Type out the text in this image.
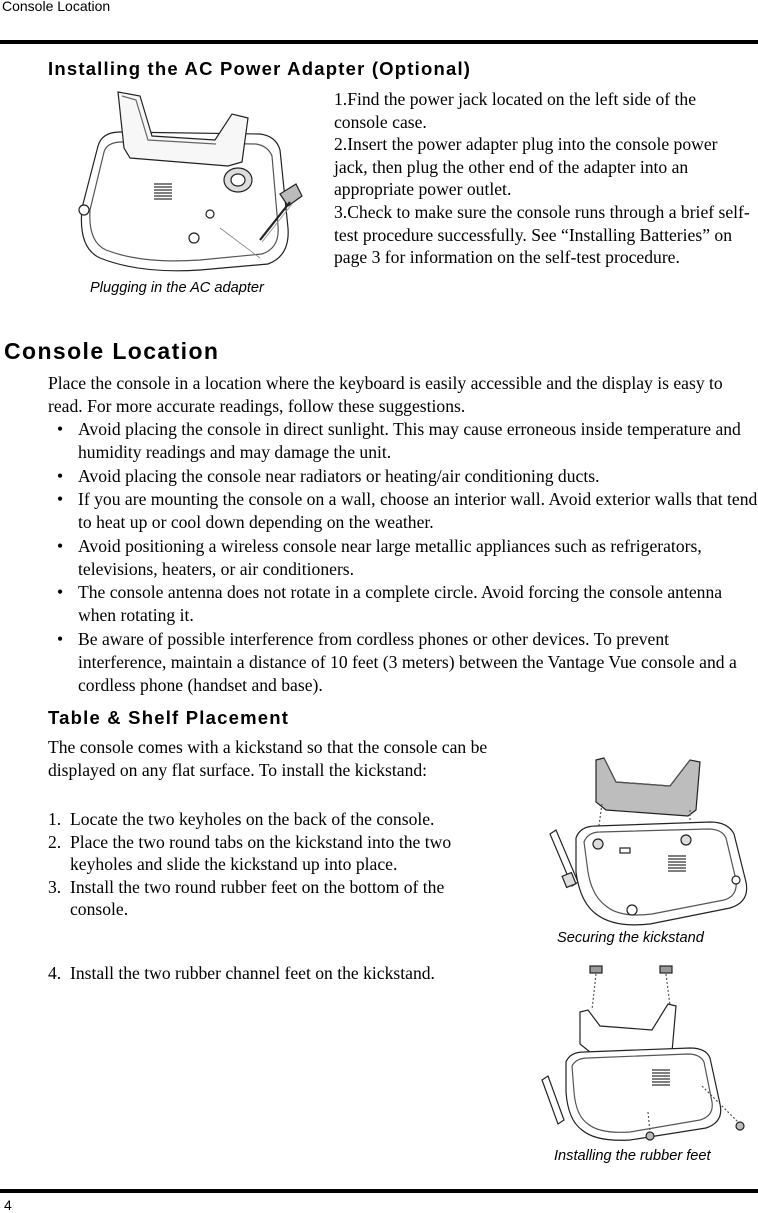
Console Location
Installing the AC Power Adapter (Optional)
Plugging in the AC adapter

1.Find the power jack located on the left side of the console case.

2.Insert the power adapter plug into the console power jack, then plug the other end of the adapter into an appropriate power outlet.

3.Check to make sure the console runs through a brief self-test procedure successfully. See “Installing Batteries” on page 3 for information on the self-test procedure.

Console Location

Place the console in a location where the keyboard is easily accessible and the display is easy to read. For more accurate readings, follow these suggestions.

• Avoid placing the console in direct sunlight. This may cause erroneous inside temperature and humidity readings and may damage the unit.
• Avoid placing the console near radiators or heating/air conditioning ducts.
• If you are mounting the console on a wall, choose an interior wall. Avoid exterior walls that tend to heat up or cool down depending on the weather.
• Avoid positioning a wireless console near large metallic appliances such as refrigerators, televisions, heaters, or air conditioners.
• The console antenna does not rotate in a complete circle. Avoid forcing the console antenna when rotating it.
• Be aware of possible interference from cordless phones or other devices. To prevent interference, maintain a distance of 10 feet (3 meters) between the Vantage Vue console and a cordless phone (handset and base).
Table & Shelf Placement

The console comes with a kickstand so that the console can be displayed on any flat surface. To install the kickstand:

1. Locate the two keyholes on the back of the console.
2. Place the two round tabs on the kickstand into the two keyholes and slide the kickstand up into place.
3. Install the two round rubber feet on the bottom of the console.
4. Install the two rubber channel feet on the kickstand.
Securing the kickstand
Installing the rubber feet
4
